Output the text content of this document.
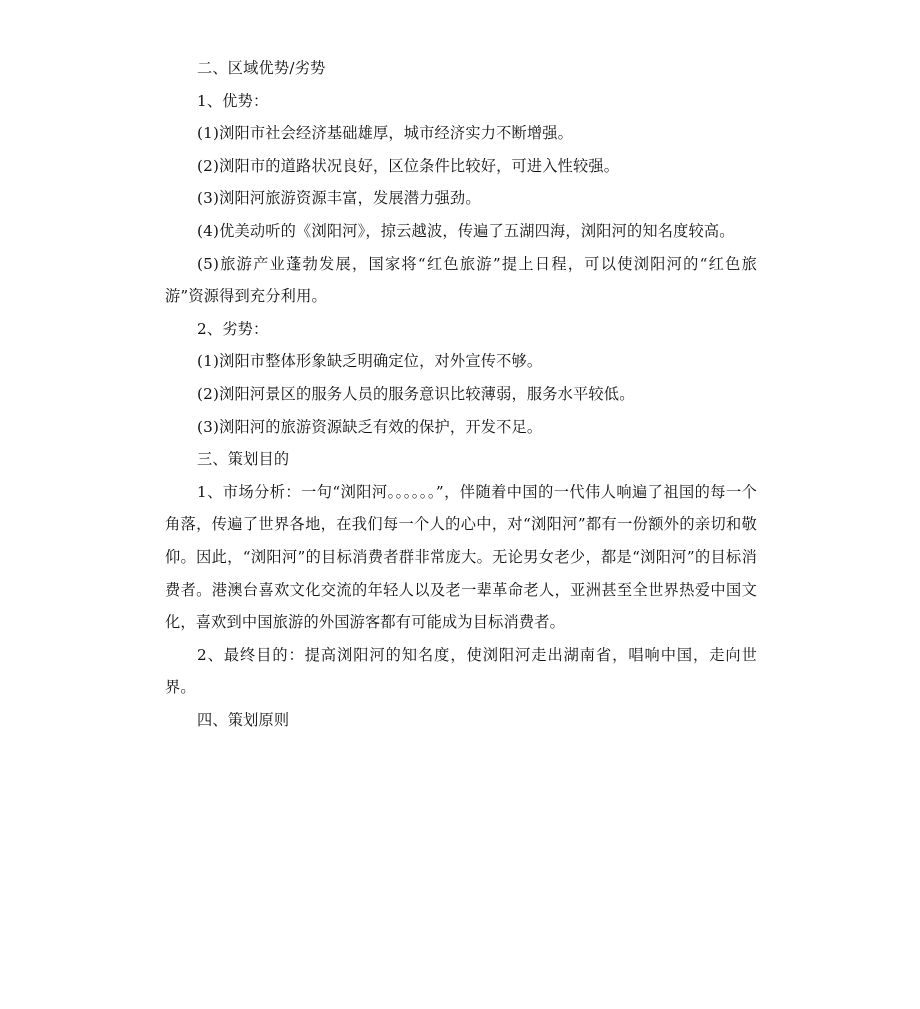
二、区域优势/劣势

1、优势：

(1)浏阳市社会经济基础雄厚，城市经济实力不断增强。

(2)浏阳市的道路状况良好，区位条件比较好，可进入性较强。

(3)浏阳河旅游资源丰富，发展潜力强劲。

(4)优美动听的《浏阳河》，掠云越波，传遍了五湖四海，浏阳河的知名度较高。

(5)旅游产业蓬勃发展，国家将“红色旅游”提上日程，可以使浏阳河的“红色旅游”资源得到充分利用。

2、劣势：

(1)浏阳市整体形象缺乏明确定位，对外宣传不够。

(2)浏阳河景区的服务人员的服务意识比较薄弱，服务水平较低。

(3)浏阳河的旅游资源缺乏有效的保护，开发不足。

三、策划目的

1、市场分析：一句“浏阳河。。。。。。”，伴随着中国的一代伟人响遍了祖国的每一个角落，传遍了世界各地，在我们每一个人的心中，对“浏阳河”都有一份额外的亲切和敬仰。因此，“浏阳河”的目标消费者群非常庞大。无论男女老少，都是“浏阳河”的目标消费者。港澳台喜欢文化交流的年轻人以及老一辈革命老人，亚洲甚至全世界热爱中国文化，喜欢到中国旅游的外国游客都有可能成为目标消费者。

2、最终目的：提高浏阳河的知名度，使浏阳河走出湖南省，唱响中国，走向世界。

四、策划原则
